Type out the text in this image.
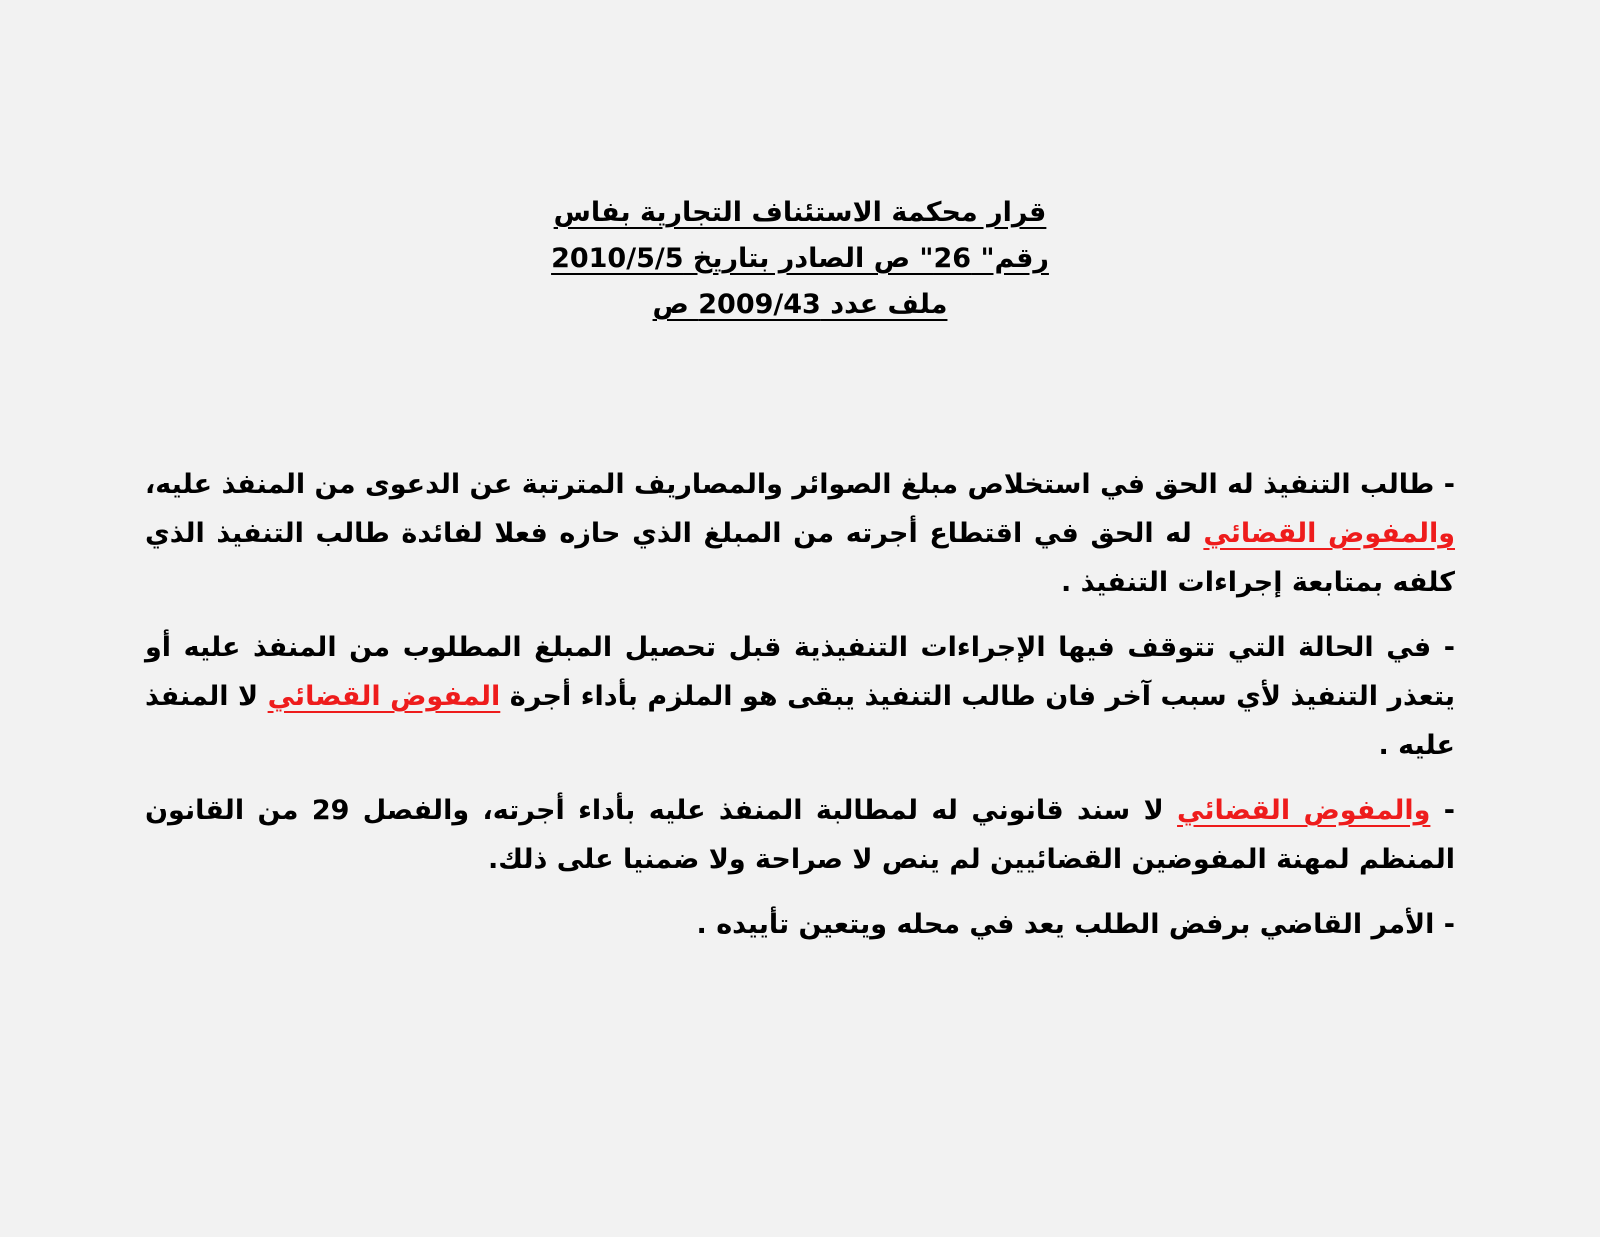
قرار محكمة الاستئناف التجارية بفاس
رقم" 26" ص الصادر بتاريخ 2010/5/5
ملف عدد 2009/43 ص

- طالب التنفيذ له الحق في استخلاص مبلغ الصوائر والمصاريف المترتبة عن الدعوى من المنفذ عليه، والمفوض القضائي له الحق في اقتطاع أجرته من المبلغ الذي حازه فعلا لفائدة طالب التنفيذ الذي كلفه بمتابعة إجراءات التنفيذ .

- في الحالة التي تتوقف فيها الإجراءات التنفيذية قبل تحصيل المبلغ المطلوب من المنفذ عليه أو يتعذر التنفيذ لأي سبب آخر فان طالب التنفيذ يبقى هو الملزم بأداء أجرة المفوض القضائي لا المنفذ عليه .

- والمفوض القضائي لا سند قانوني له لمطالبة المنفذ عليه بأداء أجرته، والفصل 29 من القانون المنظم لمهنة المفوضين القضائيين لم ينص لا صراحة ولا ضمنيا على ذلك.

- الأمر القاضي برفض الطلب يعد في محله ويتعين تأييده .
